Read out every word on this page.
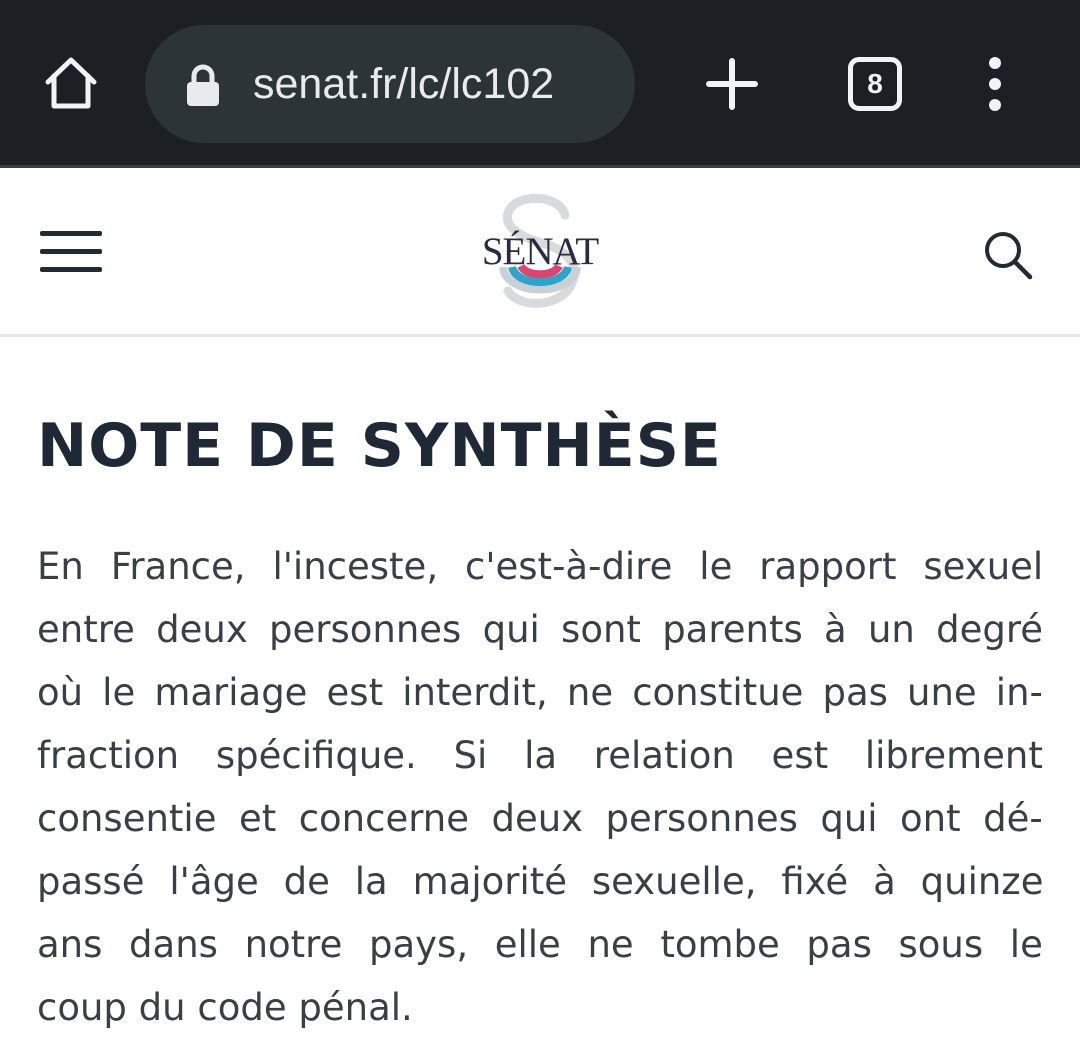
senat.fr/lc/lc102	8
SÉNAT
NOTE DE SYNTHÈSE

En France, l'inceste, c'est-à-dire le rapport sexuel
entre deux personnes qui sont parents à un degré
où le mariage est interdit, ne constitue pas une in-
fraction spécifique. Si la relation est librement
consentie et concerne deux personnes qui ont dé-
passé l'âge de la majorité sexuelle, fixé à quinze
ans dans notre pays, elle ne tombe pas sous le
coup du code pénal.
